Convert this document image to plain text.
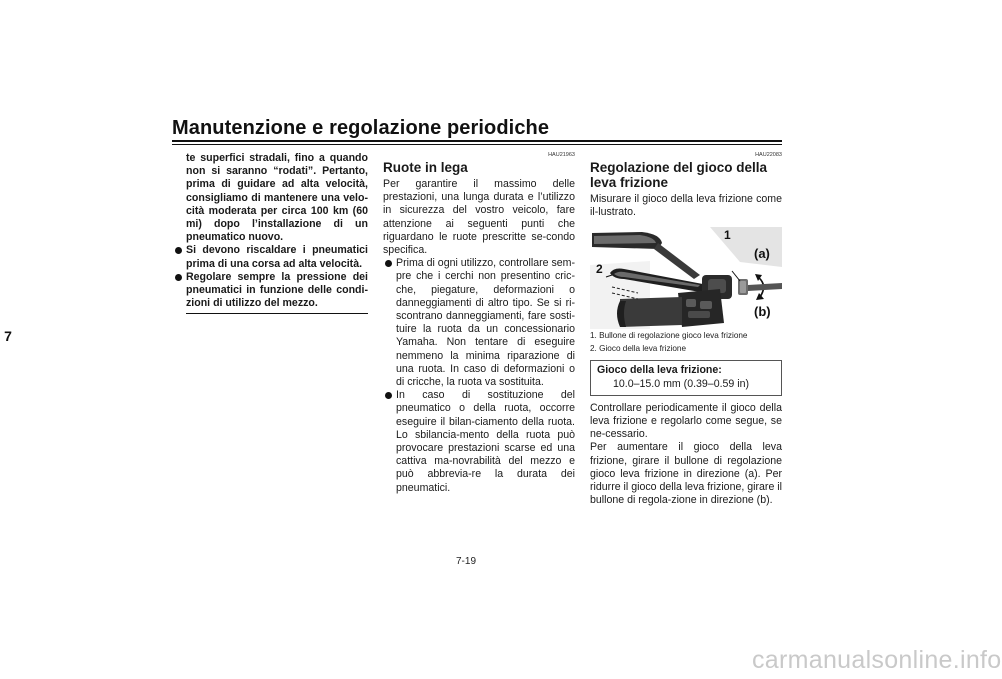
Manutenzione e regolazione periodiche
7
te superfici stradali, fino a quando non si saranno “rodati”. Pertanto, prima di guidare ad alta velocità, consigliamo di mantenere una velo-cità moderata per circa 100 km (60 mi) dopo l’installazione di un pneumatico nuovo.
Si devono riscaldare i pneumatici prima di una corsa ad alta velocità.
Regolare sempre la pressione dei pneumatici in funzione delle condi-zioni di utilizzo del mezzo.
HAU21963
Ruote in lega
Per garantire il massimo delle prestazioni, una lunga durata e l’utilizzo in sicurezza del vostro veicolo, fare attenzione ai seguenti punti che riguardano le ruote prescritte se-condo specifica.
Prima di ogni utilizzo, controllare sem-pre che i cerchi non presentino cric-che, piegature, deformazioni o danneggiamenti di altro tipo. Se si ri-scontrano danneggiamenti, fare sosti-tuire la ruota da un concessionario Yamaha. Non tentare di eseguire nemmeno la minima riparazione di una ruota. In caso di deformazioni o di cricche, la ruota va sostituita.
In caso di sostituzione del pneumatico o della ruota, occorre eseguire il bilan-ciamento della ruota. Lo sbilancia-mento della ruota può provocare prestazioni scarse ed una cattiva ma-novrabilità del mezzo e può abbrevia-re la durata dei pneumatici.
HAU22083
Regolazione del gioco della leva frizione
Misurare il gioco della leva frizione come il-lustrato.
1
2
(a)
(b)
1. Bullone di regolazione gioco leva frizione
2. Gioco della leva frizione
Gioco della leva frizione:
10.0–15.0 mm (0.39–0.59 in)
Controllare periodicamente il gioco della leva frizione e regolarlo come segue, se ne-cessario.
Per aumentare il gioco della leva frizione, girare il bullone di regolazione gioco leva frizione in direzione (a). Per ridurre il gioco della leva frizione, girare il bullone di regola-zione in direzione (b).
7-19
carmanualsonline.info
